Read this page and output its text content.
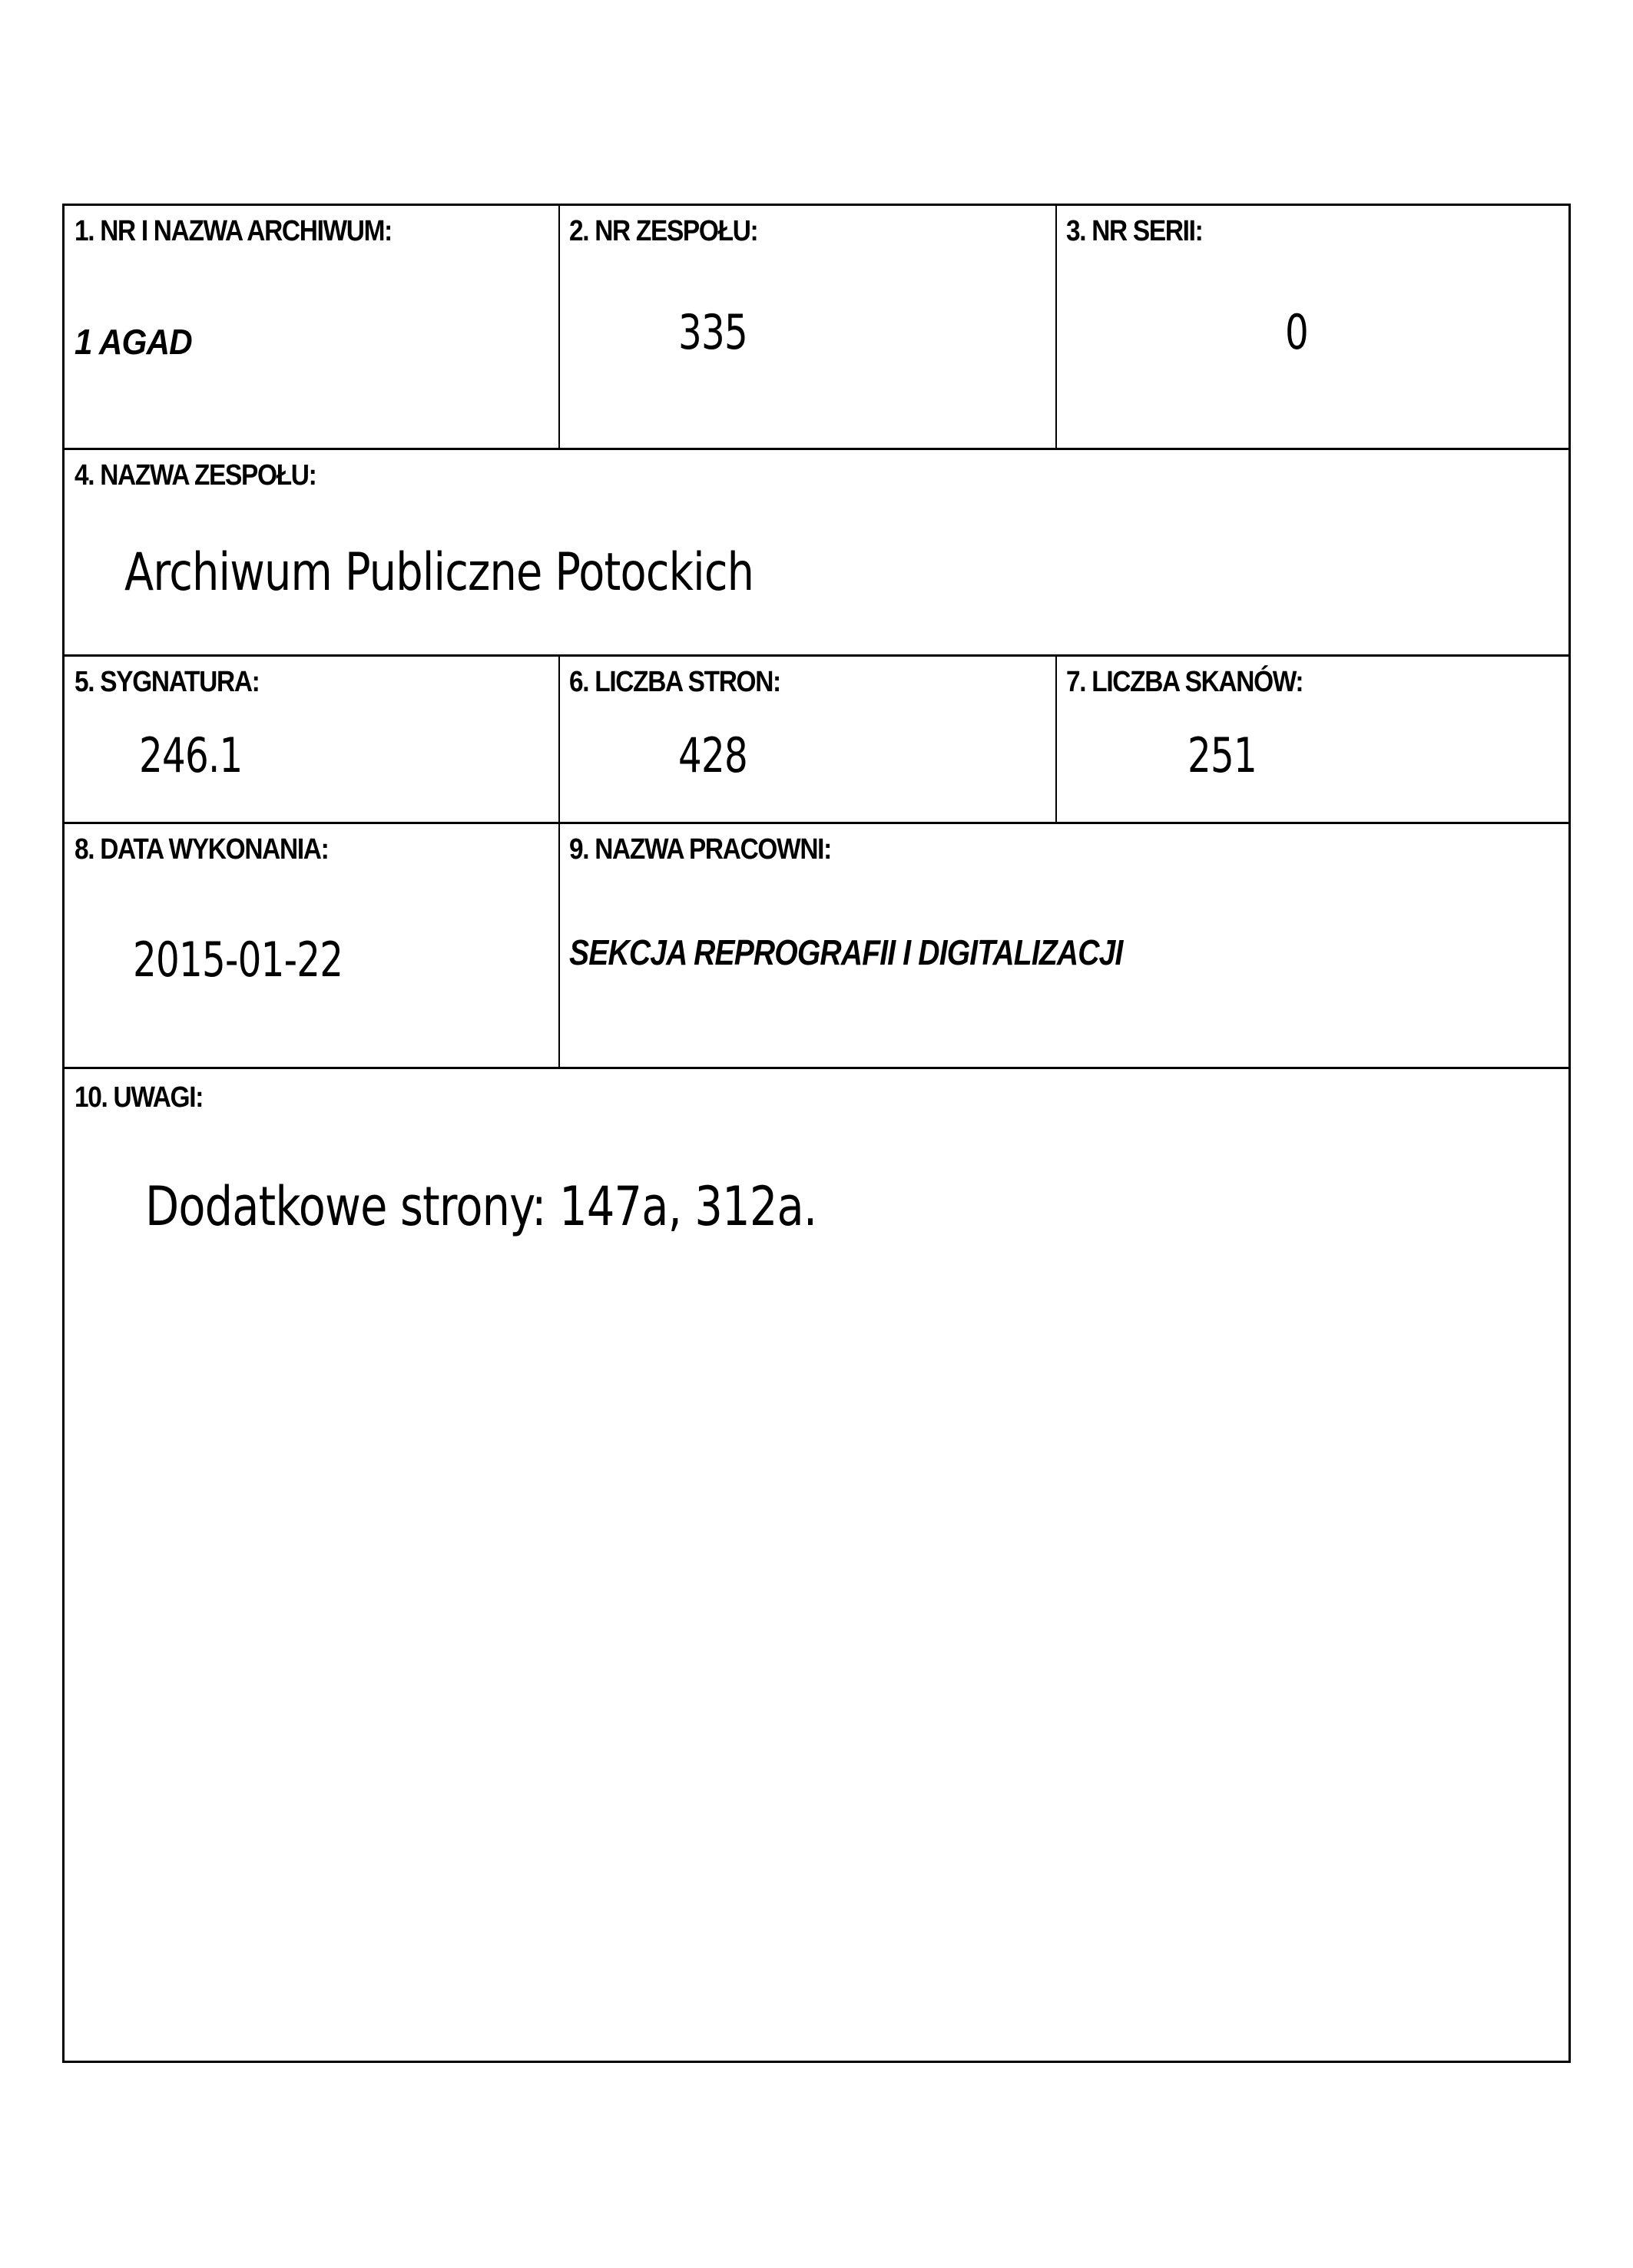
1. NR I NAZWA ARCHIWUM:
1 AGAD
2. NR ZESPOŁU:
335
3. NR SERII:
0
4. NAZWA ZESPOŁU:
Archiwum Publiczne Potockich
5. SYGNATURA:
246.1
6. LICZBA STRON:
428
7. LICZBA SKANÓW:
251
8. DATA WYKONANIA:
2015-01-22
9. NAZWA PRACOWNI:
SEKCJA REPROGRAFII I DIGITALIZACJI
10. UWAGI:
Dodatkowe strony: 147a, 312a.
